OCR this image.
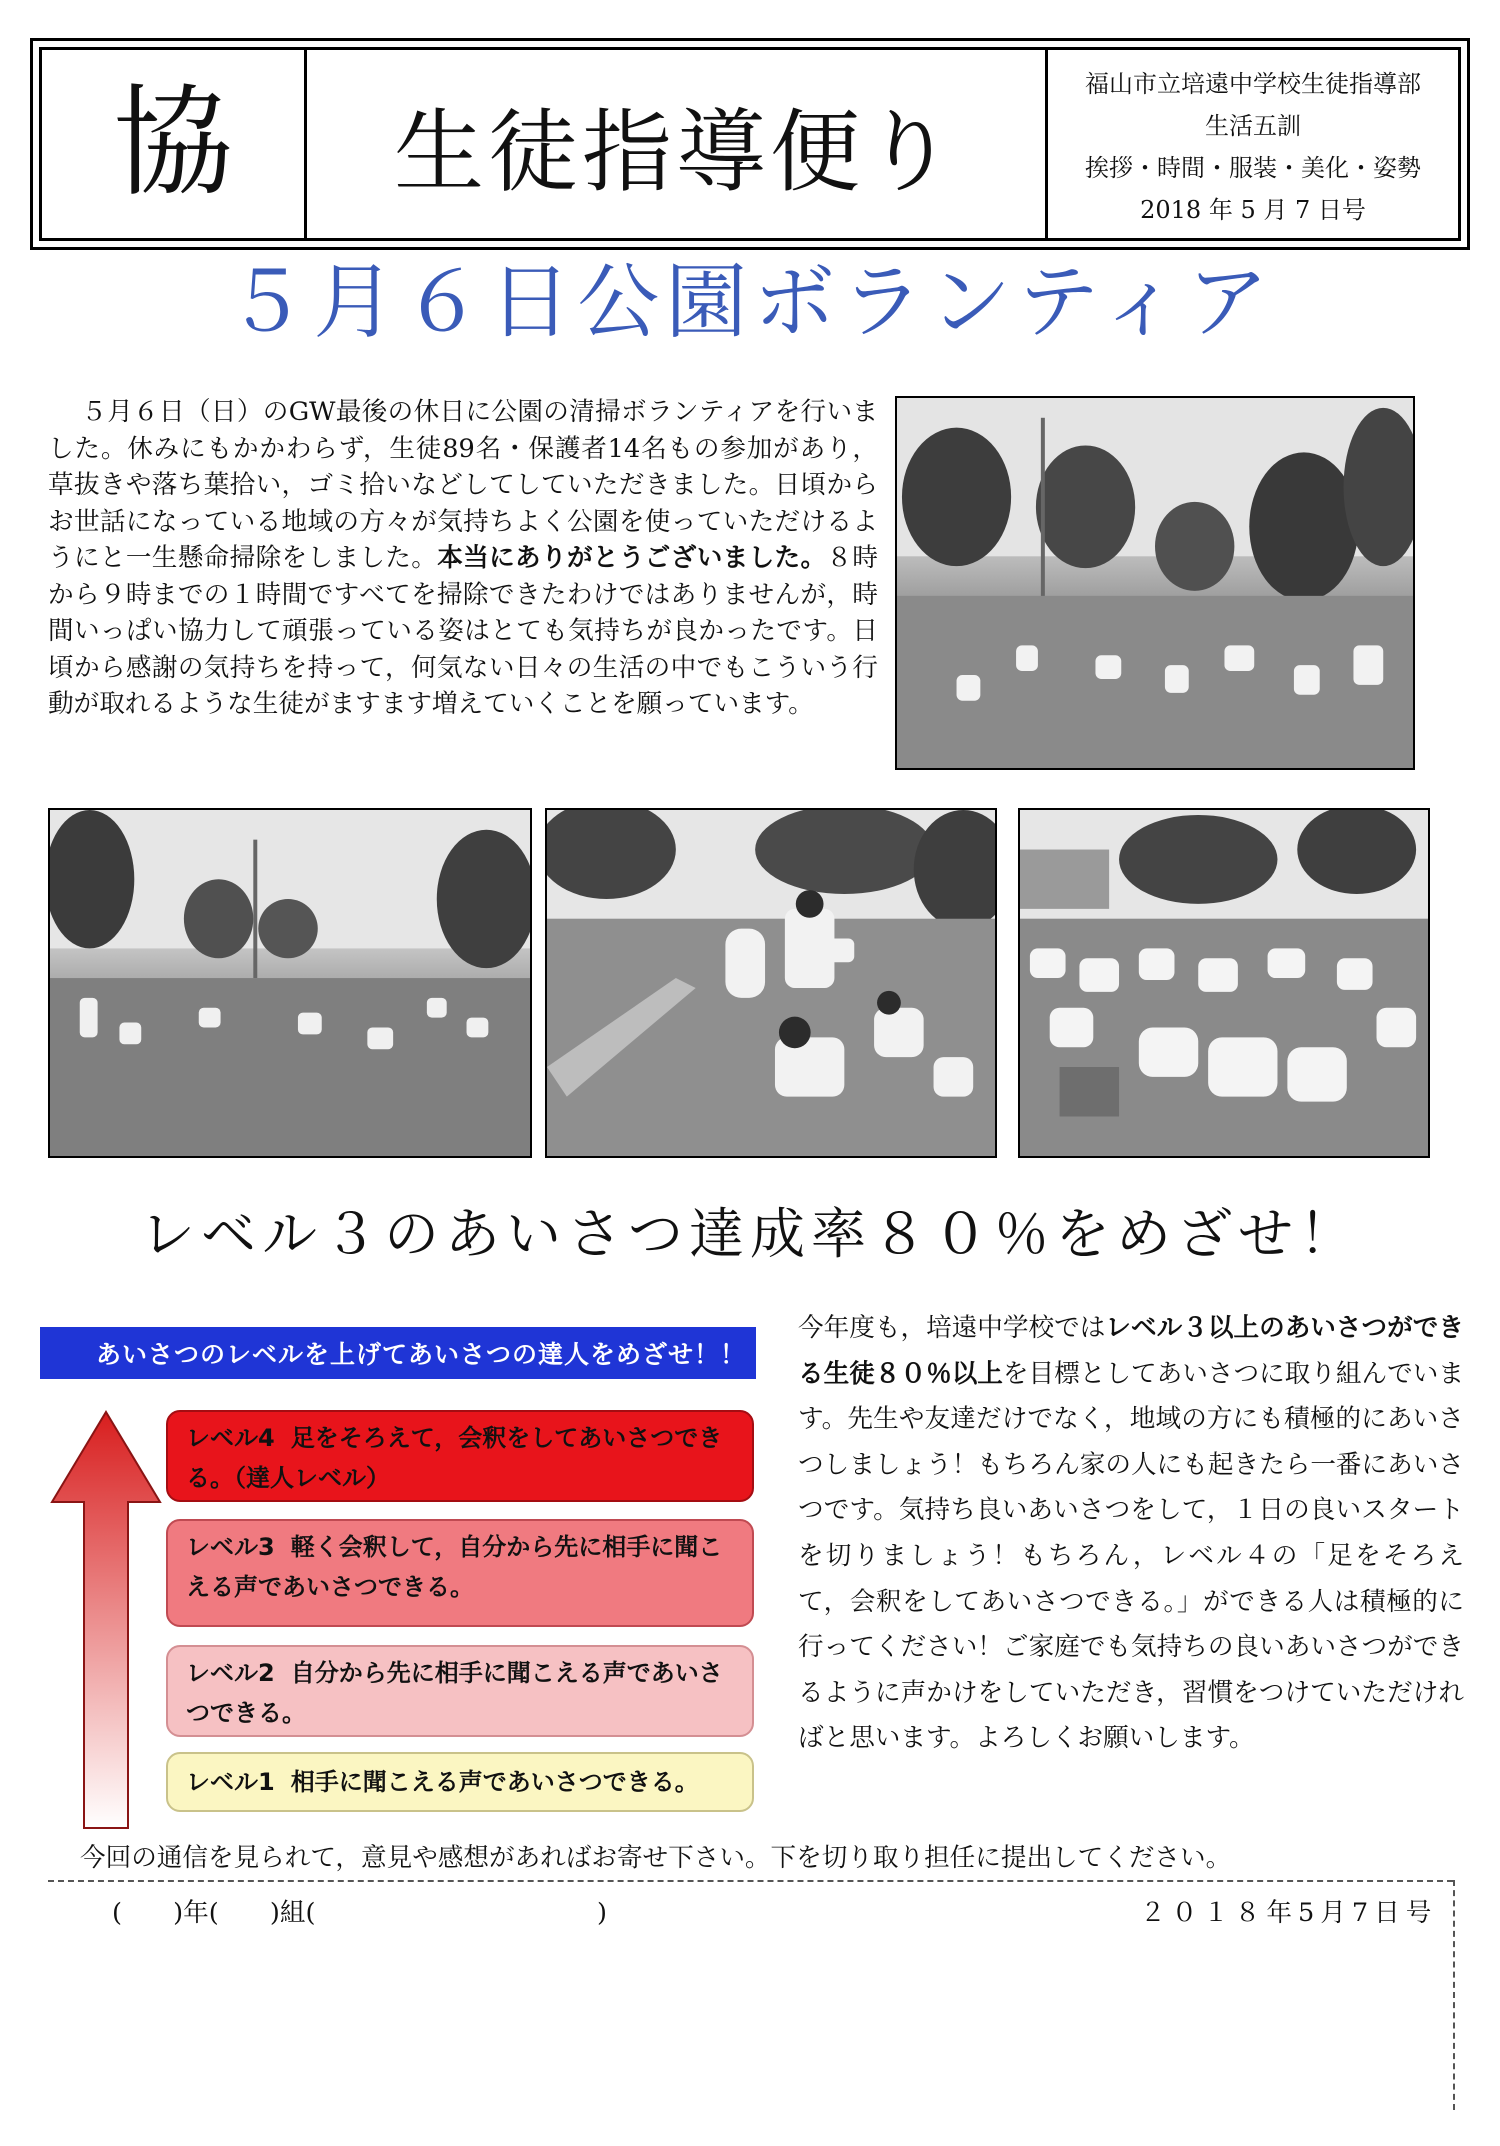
協	生徒指導便り
福山市立培遠中学校生徒指導部
生活五訓
挨拶・時間・服装・美化・姿勢
2018 年 5 月 7 日号
５月６日公園ボランティア

５月６日（日）のGW最後の休日に公園の清掃ボランティアを行いました。休みにもかかわらず，生徒89名・保護者14名もの参加があり，草抜きや落ち葉拾い，ゴミ拾いなどしてしていただきました。日頃からお世話になっている地域の方々が気持ちよく公園を使っていただけるようにと一生懸命掃除をしました。本当にありがとうございました。８時から９時までの１時間ですべてを掃除できたわけではありませんが，時間いっぱい協力して頑張っている姿はとても気持ちが良かったです。日頃から感謝の気持ちを持って，何気ない日々の生活の中でもこういう行動が取れるような生徒がますます増えていくことを願っています。

レベル３のあいさつ達成率８０％をめざせ！
あいさつのレベルを上げてあいさつの達人をめざせ！！
レベル4 足をそろえて，会釈をしてあいさつできる。（達人レベル）
レベル3 軽く会釈して，自分から先に相手に聞こえる声であいさつできる。
レベル2 自分から先に相手に聞こえる声であいさつできる。
レベル1 相手に聞こえる声であいさつできる。

今年度も，培遠中学校ではレベル３以上のあいさつができる生徒８０％以上を目標としてあいさつに取り組んでいます。先生や友達だけでなく，地域の方にも積極的にあいさつしましょう！もちろん家の人にも起きたら一番にあいさつです。気持ち良いあいさつをして，１日の良いスタートを切りましょう！もちろん，レベル４の「足をそろえて，会釈をしてあいさつできる。」ができる人は積極的に行ってください！ご家庭でも気持ちの良いあいさつができるように声かけをしていただき，習慣をつけていただければと思います。よろしくお願いします。

今回の通信を見られて，意見や感想があればお寄せ下さい。下を切り取り担任に提出してください。
(　　)年(　　)組(　　　　　　　　　　　)	２０１８年5月7日号
